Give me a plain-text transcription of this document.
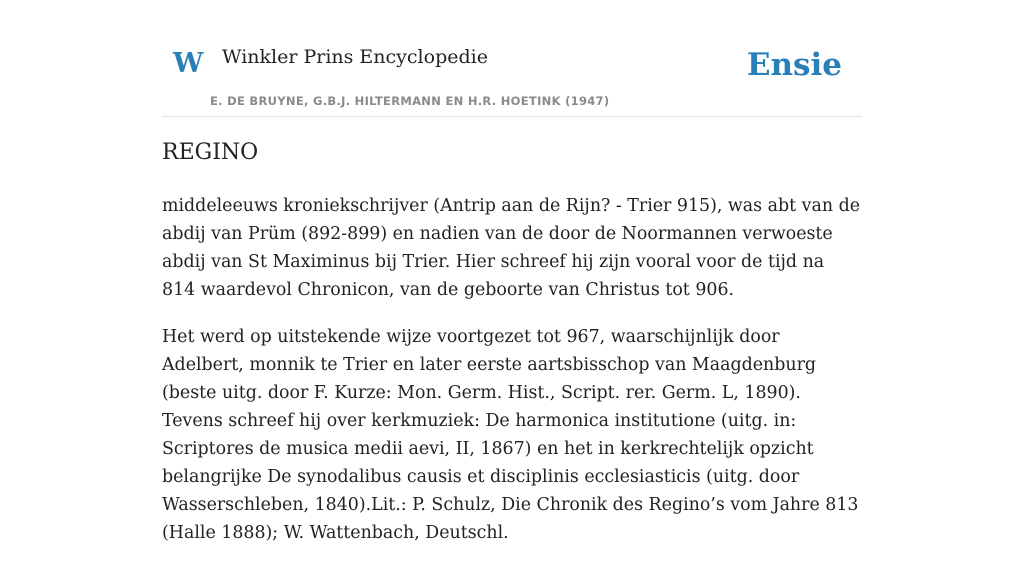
W Winkler Prins Encyclopedie
E. DE BRUYNE, G.B.J. HILTERMANN EN H.R. HOETINK (1947)
Ensie
REGINO

middeleeuws kroniekschrijver (Antrip aan de Rijn? - Trier 915), was abt van de abdij van Prüm (892-899) en nadien van de door de Noormannen verwoeste abdij van St Maximinus bij Trier. Hier schreef hij zijn vooral voor de tijd na 814 waardevol Chronicon, van de geboorte van Christus tot 906.

Het werd op uitstekende wijze voortgezet tot 967, waarschijnlijk door Adelbert, monnik te Trier en later eerste aartsbisschop van Maagdenburg (beste uitg. door F. Kurze: Mon. Germ. Hist., Script. rer. Germ. L, 1890). Tevens schreef hij over kerkmuziek: De harmonica institutione (uitg. in: Scriptores de musica medii aevi, II, 1867) en het in kerkrechtelijk opzicht belangrijke De synodalibus causis et disciplinis ecclesiasticis (uitg. door Wasserschleben, 1840).Lit.: P. Schulz, Die Chronik des Regino’s vom Jahre 813 (Halle 1888); W. Wattenbach, Deutschl.
